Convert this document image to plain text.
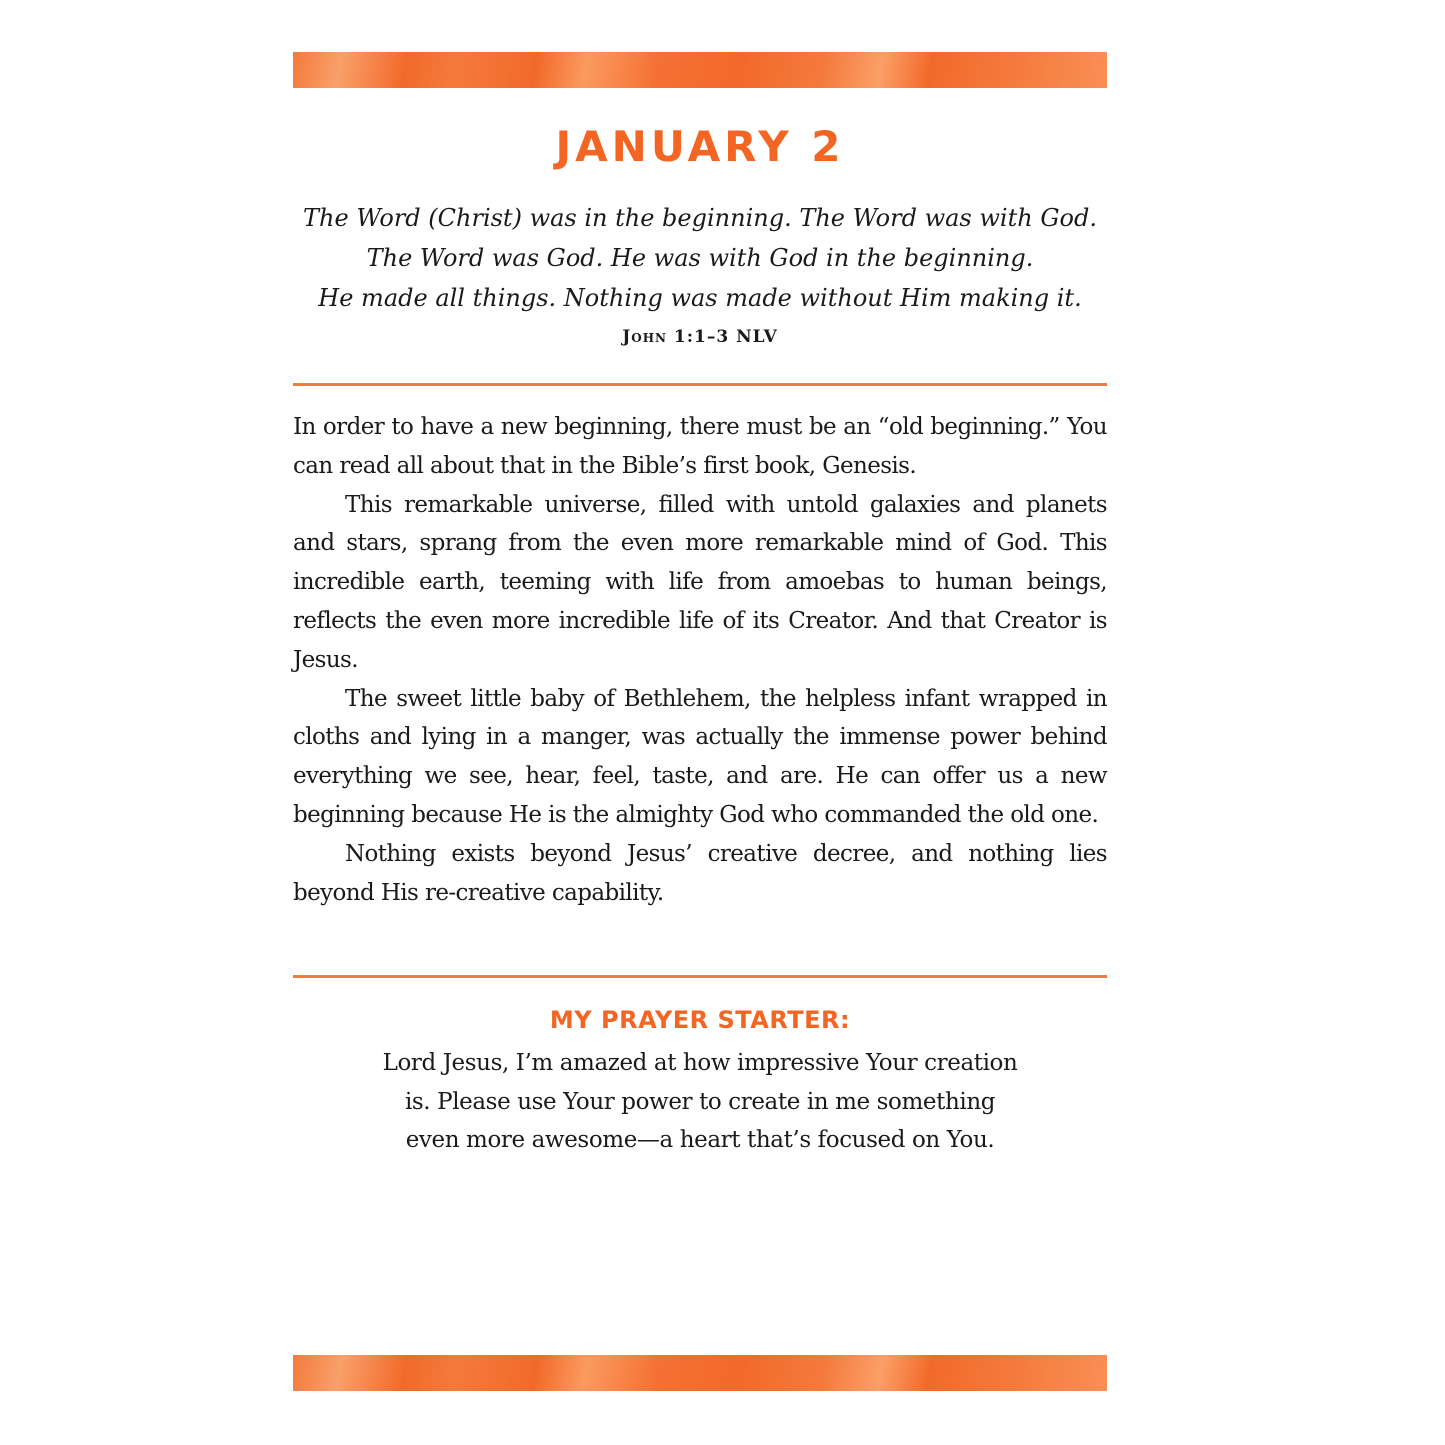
JANUARY 2
The Word (Christ) was in the beginning. The Word was with God.
The Word was God. He was with God in the beginning.
He made all things. Nothing was made without Him making it.
John 1:1–3 NLV

In order to have a new beginning, there must be an “old beginning.” You can read all about that in the Bible’s first book, Genesis.

This remarkable universe, filled with untold galaxies and planets and stars, sprang from the even more remarkable mind of God. This incredible earth, teeming with life from amoebas to human beings, reflects the even more incredible life of its Creator. And that Creator is Jesus.

The sweet little baby of Bethlehem, the helpless infant wrapped in cloths and lying in a manger, was actually the immense power behind everything we see, hear, feel, taste, and are. He can offer us a new beginning because He is the almighty God who commanded the old one.

Nothing exists beyond Jesus’ creative decree, and nothing lies beyond His re-creative capability.

MY PRAYER STARTER:
Lord Jesus, I’m amazed at how impressive Your creation
is. Please use Your power to create in me something
even more awesome—a heart that’s focused on You.
